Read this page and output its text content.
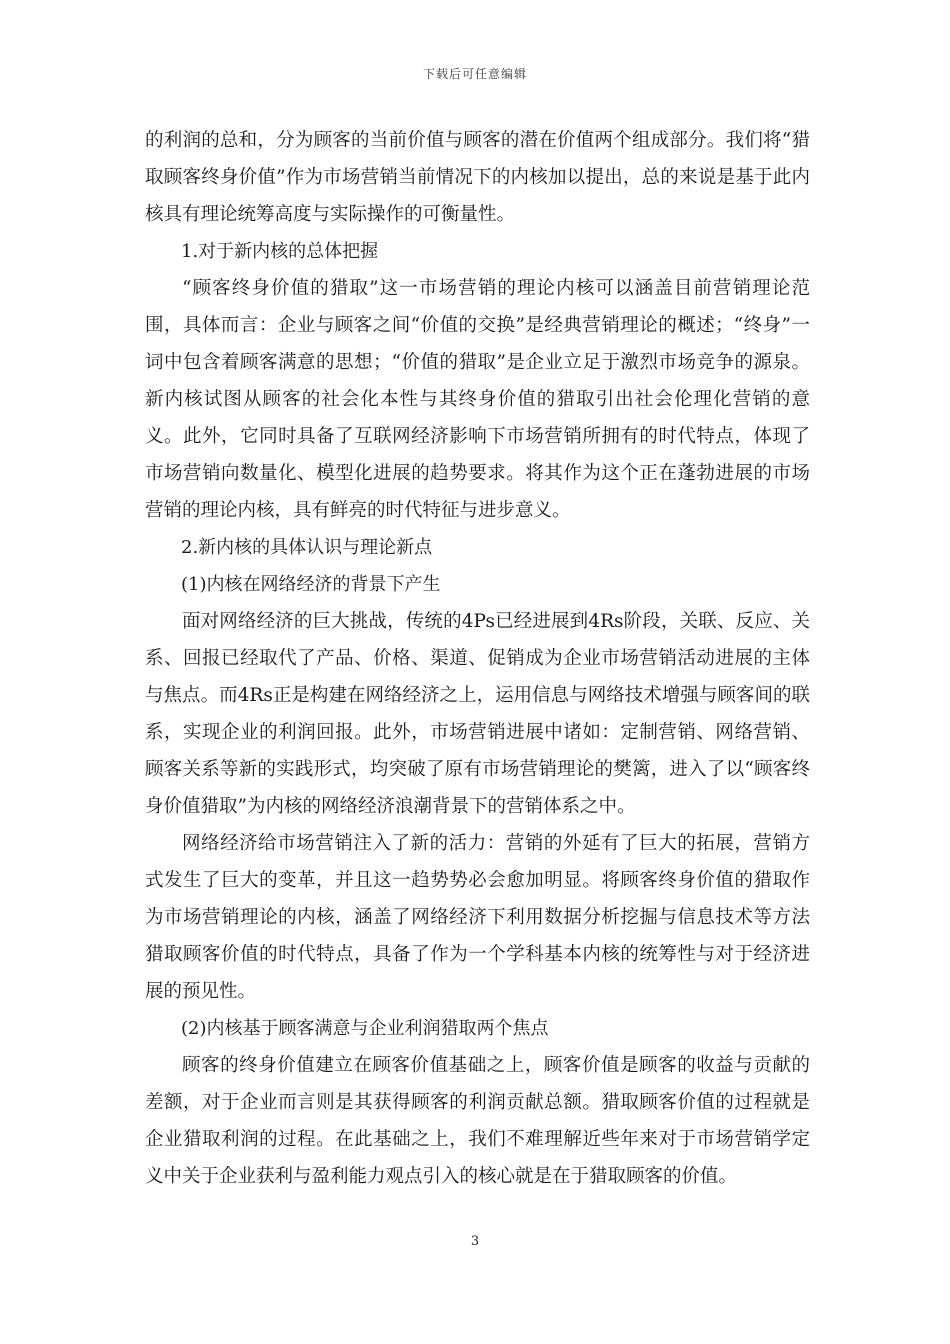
下载后可任意编辑

的利润的总和，分为顾客的当前价值与顾客的潜在价值两个组成部分。我们将“猎取顾客终身价值”作为市场营销当前情况下的内核加以提出，总的来说是基于此内核具有理论统筹高度与实际操作的可衡量性。

1.对于新内核的总体把握

“顾客终身价值的猎取”这一市场营销的理论内核可以涵盖目前营销理论范围，具体而言：企业与顾客之间“价值的交换”是经典营销理论的概述；“终身”一词中包含着顾客满意的思想；“价值的猎取”是企业立足于激烈市场竞争的源泉。新内核试图从顾客的社会化本性与其终身价值的猎取引出社会伦理化营销的意义。此外，它同时具备了互联网经济影响下市场营销所拥有的时代特点，体现了市场营销向数量化、模型化进展的趋势要求。将其作为这个正在蓬勃进展的市场营销的理论内核，具有鲜亮的时代特征与进步意义。

2.新内核的具体认识与理论新点

(1)内核在网络经济的背景下产生

面对网络经济的巨大挑战，传统的4Ps已经进展到4Rs阶段，关联、反应、关系、回报已经取代了产品、价格、渠道、促销成为企业市场营销活动进展的主体与焦点。而4Rs正是构建在网络经济之上，运用信息与网络技术增强与顾客间的联系，实现企业的利润回报。此外，市场营销进展中诸如：定制营销、网络营销、顾客关系等新的实践形式，均突破了原有市场营销理论的樊篱，进入了以“顾客终身价值猎取”为内核的网络经济浪潮背景下的营销体系之中。

网络经济给市场营销注入了新的活力：营销的外延有了巨大的拓展，营销方式发生了巨大的变革，并且这一趋势势必会愈加明显。将顾客终身价值的猎取作为市场营销理论的内核，涵盖了网络经济下利用数据分析挖掘与信息技术等方法猎取顾客价值的时代特点，具备了作为一个学科基本内核的统筹性与对于经济进展的预见性。

(2)内核基于顾客满意与企业利润猎取两个焦点

顾客的终身价值建立在顾客价值基础之上，顾客价值是顾客的收益与贡献的差额，对于企业而言则是其获得顾客的利润贡献总额。猎取顾客价值的过程就是企业猎取利润的过程。在此基础之上，我们不难理解近些年来对于市场营销学定义中关于企业获利与盈利能力观点引入的核心就是在于猎取顾客的价值。

3
